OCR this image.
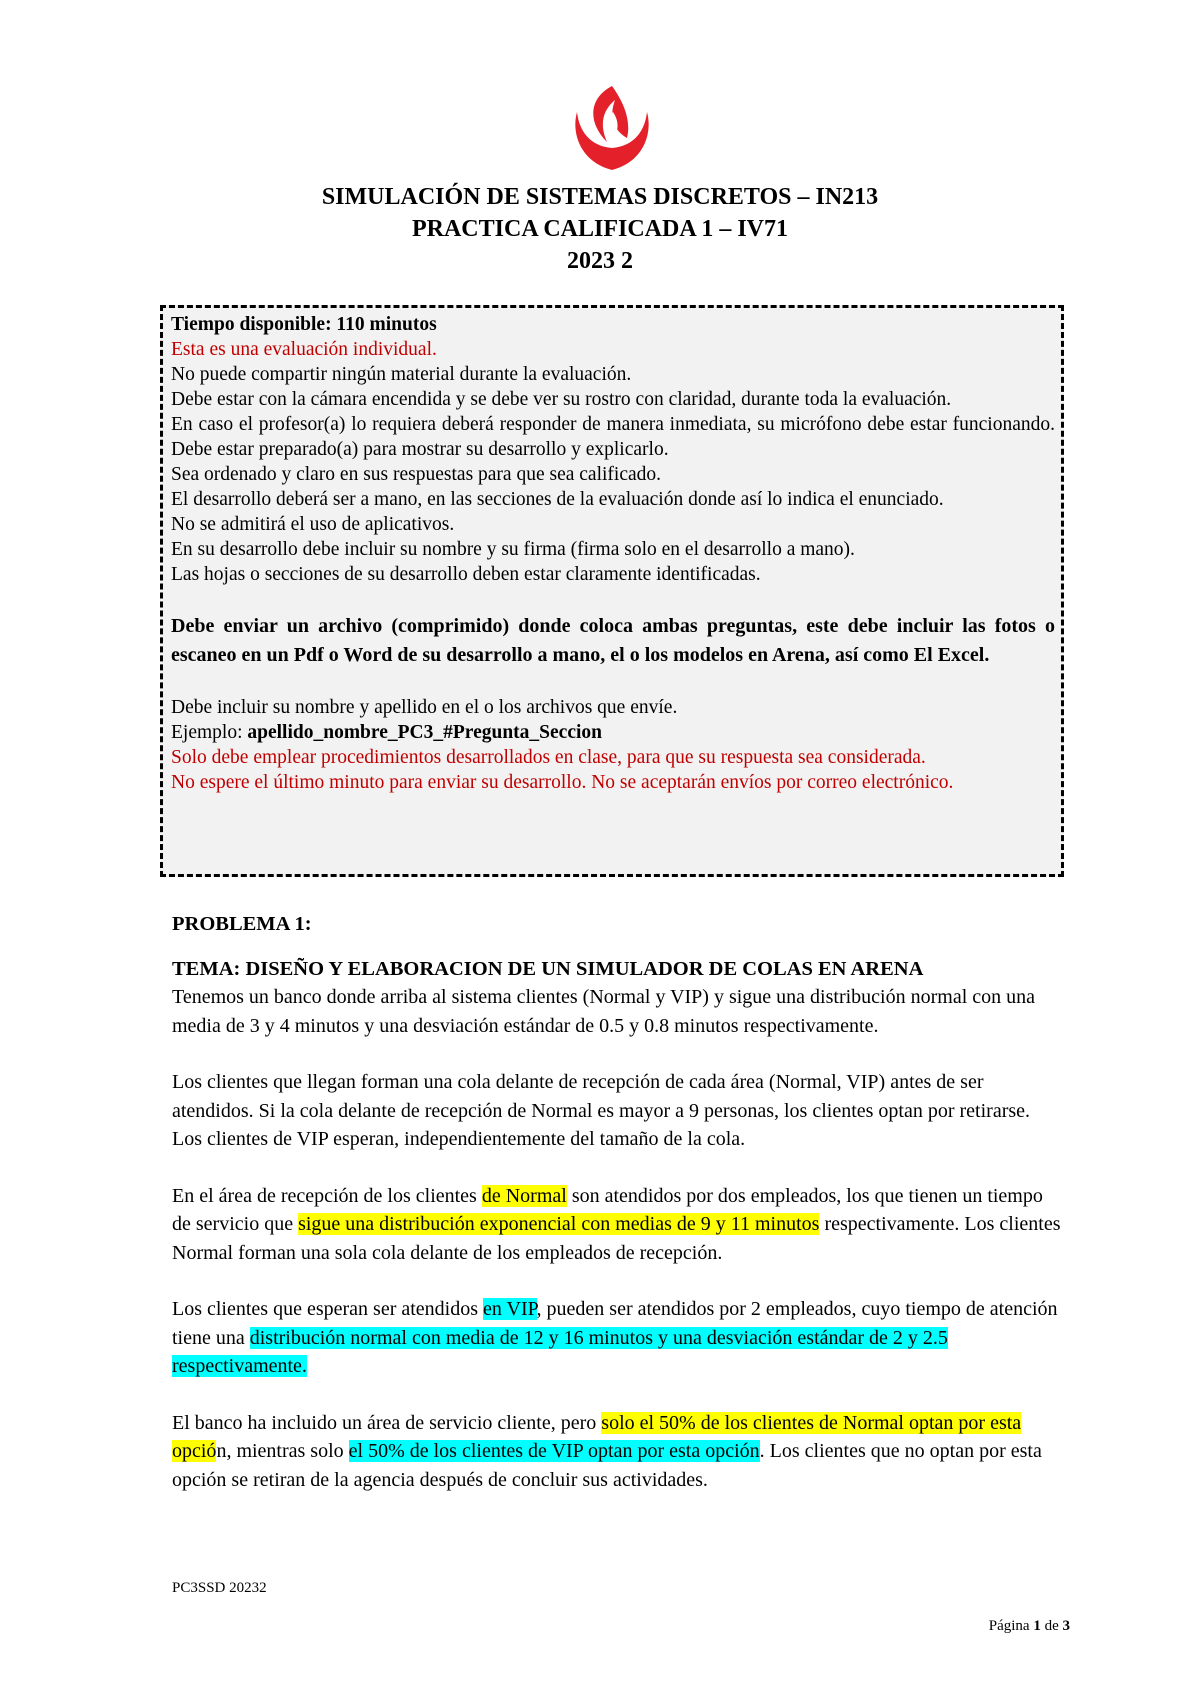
SIMULACIÓN DE SISTEMAS DISCRETOS – IN213
PRACTICA CALIFICADA 1 – IV71
2023 2

Tiempo disponible: 110 minutos

Esta es una evaluación individual.

No puede compartir ningún material durante la evaluación.

Debe estar con la cámara encendida y se debe ver su rostro con claridad, durante toda la evaluación.

En caso el profesor(a) lo requiera deberá responder de manera inmediata, su micrófono debe estar funcionando. Debe estar preparado(a) para mostrar su desarrollo y explicarlo.

Sea ordenado y claro en sus respuestas para que sea calificado.

El desarrollo deberá ser a mano, en las secciones de la evaluación donde así lo indica el enunciado.

No se admitirá el uso de aplicativos.

En su desarrollo debe incluir su nombre y su firma (firma solo en el desarrollo a mano).

Las hojas o secciones de su desarrollo deben estar claramente identificadas.

Debe enviar un archivo (comprimido) donde coloca ambas preguntas, este debe incluir las fotos o escaneo en un Pdf o Word de su desarrollo a mano, el o los modelos en Arena, así como El Excel.

Debe incluir su nombre y apellido en el o los archivos que envíe.

Ejemplo: apellido_nombre_PC3_#Pregunta_Seccion

Solo debe emplear procedimientos desarrollados en clase, para que su respuesta sea considerada.

No espere el último minuto para enviar su desarrollo. No se aceptarán envíos por correo electrónico.

PROBLEMA 1:

TEMA: DISEÑO Y ELABORACION DE UN SIMULADOR DE COLAS EN ARENA

Tenemos un banco donde arriba al sistema clientes (Normal y VIP) y sigue una distribución normal con una media de 3 y 4 minutos y una desviación estándar de 0.5 y 0.8 minutos respectivamente.

Los clientes que llegan forman una cola delante de recepción de cada área (Normal, VIP) antes de ser atendidos. Si la cola delante de recepción de Normal es mayor a 9 personas, los clientes optan por retirarse. Los clientes de VIP esperan, independientemente del tamaño de la cola.

En el área de recepción de los clientes de Normal son atendidos por dos empleados, los que tienen un tiempo de servicio que sigue una distribución exponencial con medias de 9 y 11 minutos respectivamente. Los clientes Normal forman una sola cola delante de los empleados de recepción.

Los clientes que esperan ser atendidos en VIP, pueden ser atendidos por 2 empleados, cuyo tiempo de atención tiene una distribución normal con media de 12 y 16 minutos y una desviación estándar de 2 y 2.5 respectivamente.

El banco ha incluido un área de servicio cliente, pero solo el 50% de los clientes de Normal optan por esta opción, mientras solo el 50% de los clientes de VIP optan por esta opción. Los clientes que no optan por esta opción se retiran de la agencia después de concluir sus actividades.

PC3SSD 20232
Página 1 de 3
